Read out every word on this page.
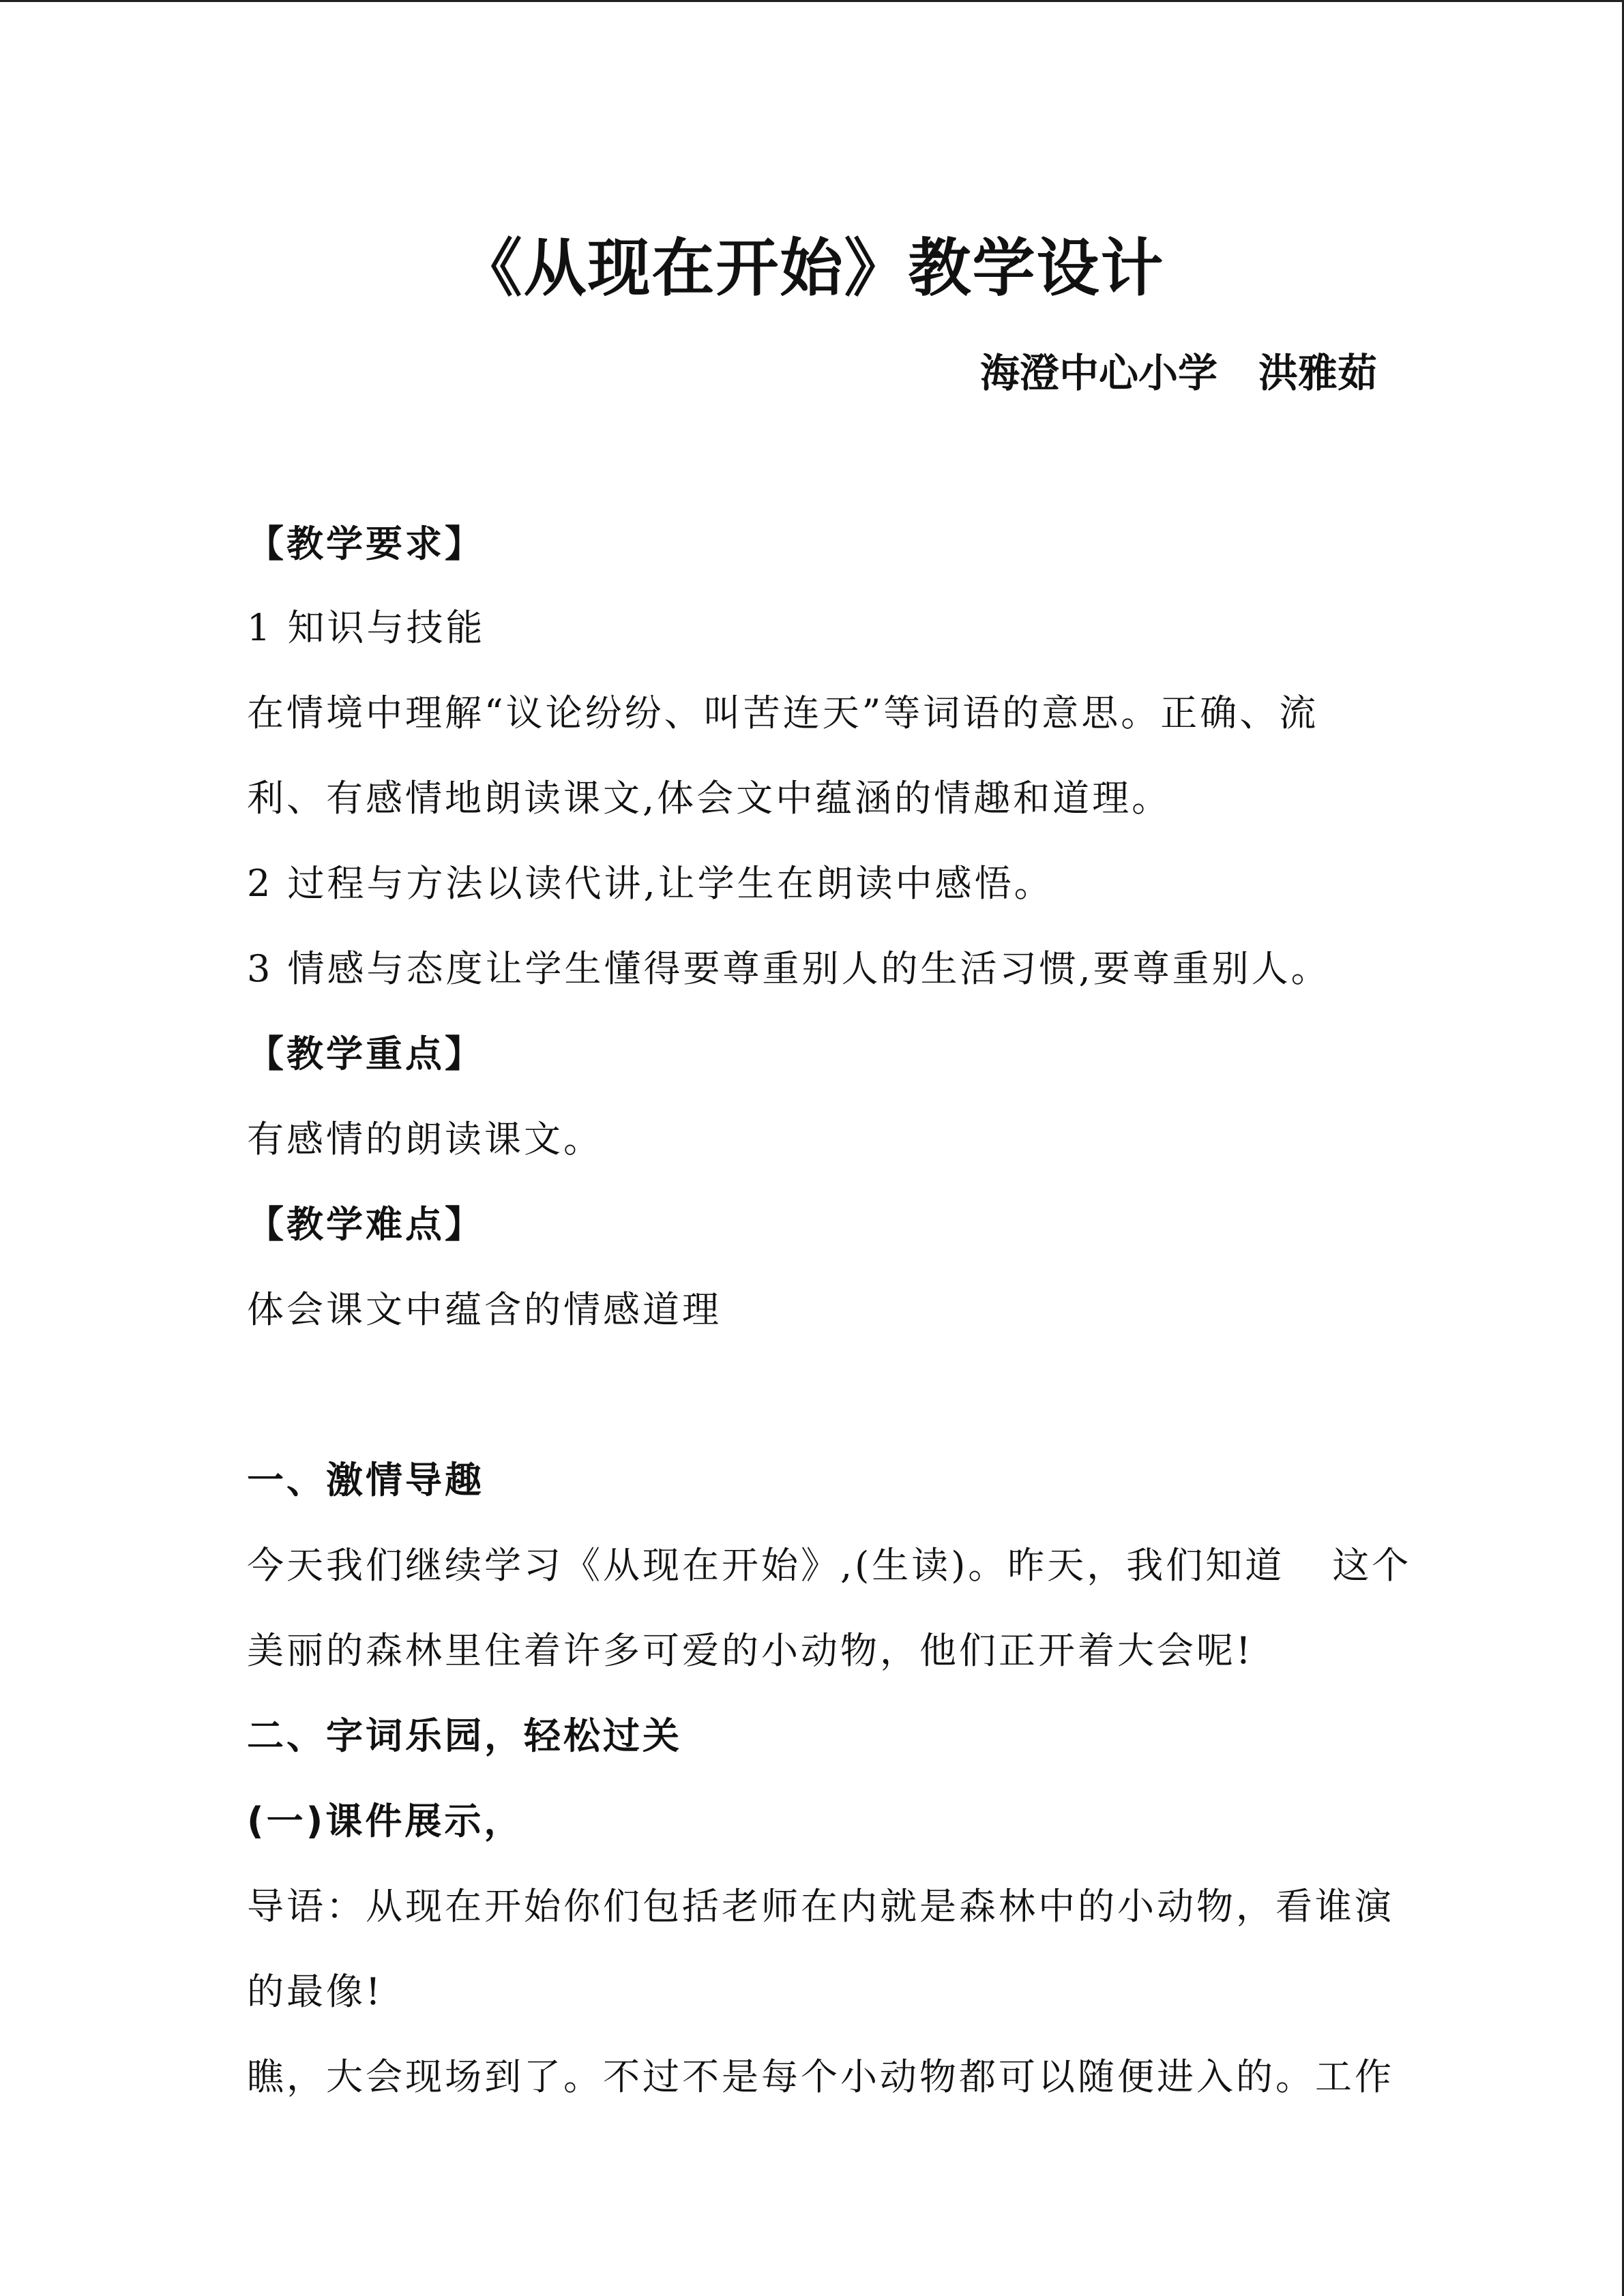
《从现在开始》教学设计
海澄中心小学 洪雅茹
【教学要求】
1 知识与技能
在情境中理解“议论纷纷、叫苦连天”等词语的意思。正确、流
利、有感情地朗读课文,体会文中蕴涵的情趣和道理。
2 过程与方法以读代讲,让学生在朗读中感悟。
3 情感与态度让学生懂得要尊重别人的生活习惯,要尊重别人。
【教学重点】
有感情的朗读课文。
【教学难点】
体会课文中蕴含的情感道理
一、激情导趣
今天我们继续学习《从现在开始》,(生读)。昨天，我们知道 这个
美丽的森林里住着许多可爱的小动物，他们正开着大会呢!
二、字词乐园，轻松过关
(一)课件展示，
导语：从现在开始你们包括老师在内就是森林中的小动物，看谁演
的最像!
瞧，大会现场到了。不过不是每个小动物都可以随便进入的。工作
